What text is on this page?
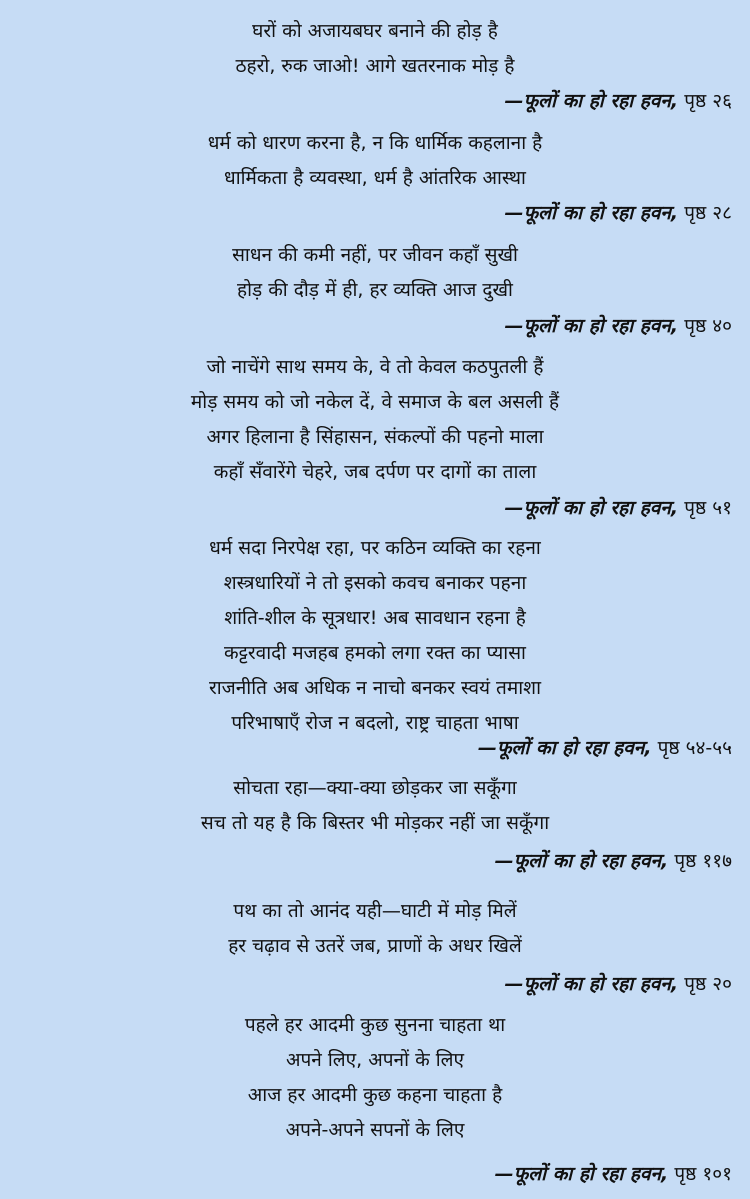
घरों को अजायबघर बनाने की होड़ है
ठहरो, रुक जाओ! आगे खतरनाक मोड़ है
—फूलों का हो रहा हवन, पृष्ठ २६
धर्म को धारण करना है, न कि धार्मिक कहलाना है
धार्मिकता है व्यवस्था, धर्म है आंतरिक आस्था
—फूलों का हो रहा हवन, पृष्ठ २८
साधन की कमी नहीं, पर जीवन कहाँ सुखी
होड़ की दौड़ में ही, हर व्यक्ति आज दुखी
—फूलों का हो रहा हवन, पृष्ठ ४०
जो नाचेंगे साथ समय के, वे तो केवल कठपुतली हैं
मोड़ समय को जो नकेल दें, वे समाज के बल असली हैं
अगर हिलाना है सिंहासन, संकल्पों की पहनो माला
कहाँ सँवारेंगे चेहरे, जब दर्पण पर दागों का ताला
—फूलों का हो रहा हवन, पृष्ठ ५१
धर्म सदा निरपेक्ष रहा, पर कठिन व्यक्ति का रहना
शस्त्रधारियों ने तो इसको कवच बनाकर पहना
शांति-शील के सूत्रधार! अब सावधान रहना है
कट्टरवादी मजहब हमको लगा रक्त का प्यासा
राजनीति अब अधिक न नाचो बनकर स्वयं तमाशा
परिभाषाएँ रोज न बदलो, राष्ट्र चाहता भाषा
—फूलों का हो रहा हवन, पृष्ठ ५४-५५
सोचता रहा—क्या-क्या छोड़कर जा सकूँगा
सच तो यह है कि बिस्तर भी मोड़कर नहीं जा सकूँगा
—फूलों का हो रहा हवन, पृष्ठ ११७
पथ का तो आनंद यही—घाटी में मोड़ मिलें
हर चढ़ाव से उतरें जब, प्राणों के अधर खिलें
—फूलों का हो रहा हवन, पृष्ठ २०
पहले हर आदमी कुछ सुनना चाहता था
अपने लिए, अपनों के लिए
आज हर आदमी कुछ कहना चाहता है
अपने-अपने सपनों के लिए
—फूलों का हो रहा हवन, पृष्ठ १०१
